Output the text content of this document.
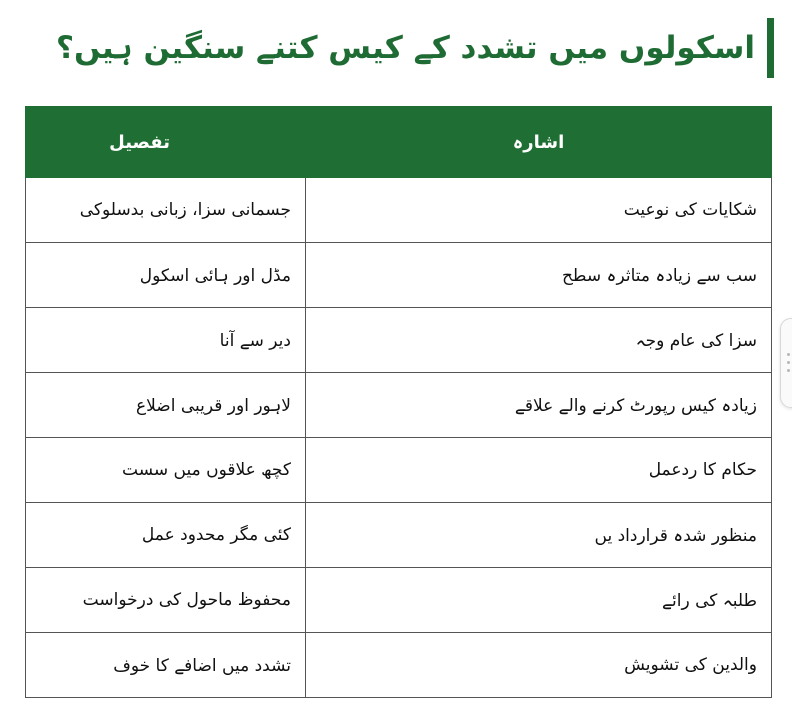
اسکولوں میں تشدد کے کیس کتنے سنگین ہیں؟
اشارہ	تفصیل
شکایات کی نوعیت	جسمانی سزا، زبانی بدسلوکی
سب سے زیادہ متاثرہ سطح	مڈل اور ہائی اسکول
سزا کی عام وجہ	دیر سے آنا
زیادہ کیس رپورٹ کرنے والے علاقے	لاہور اور قریبی اضلاع
حکام کا ردعمل	کچھ علاقوں میں سست
منظور شدہ قرارداد یں	کئی مگر محدود عمل
طلبہ کی رائے	محفوظ ماحول کی درخواست
والدین کی تشویش	تشدد میں اضافے کا خوف
